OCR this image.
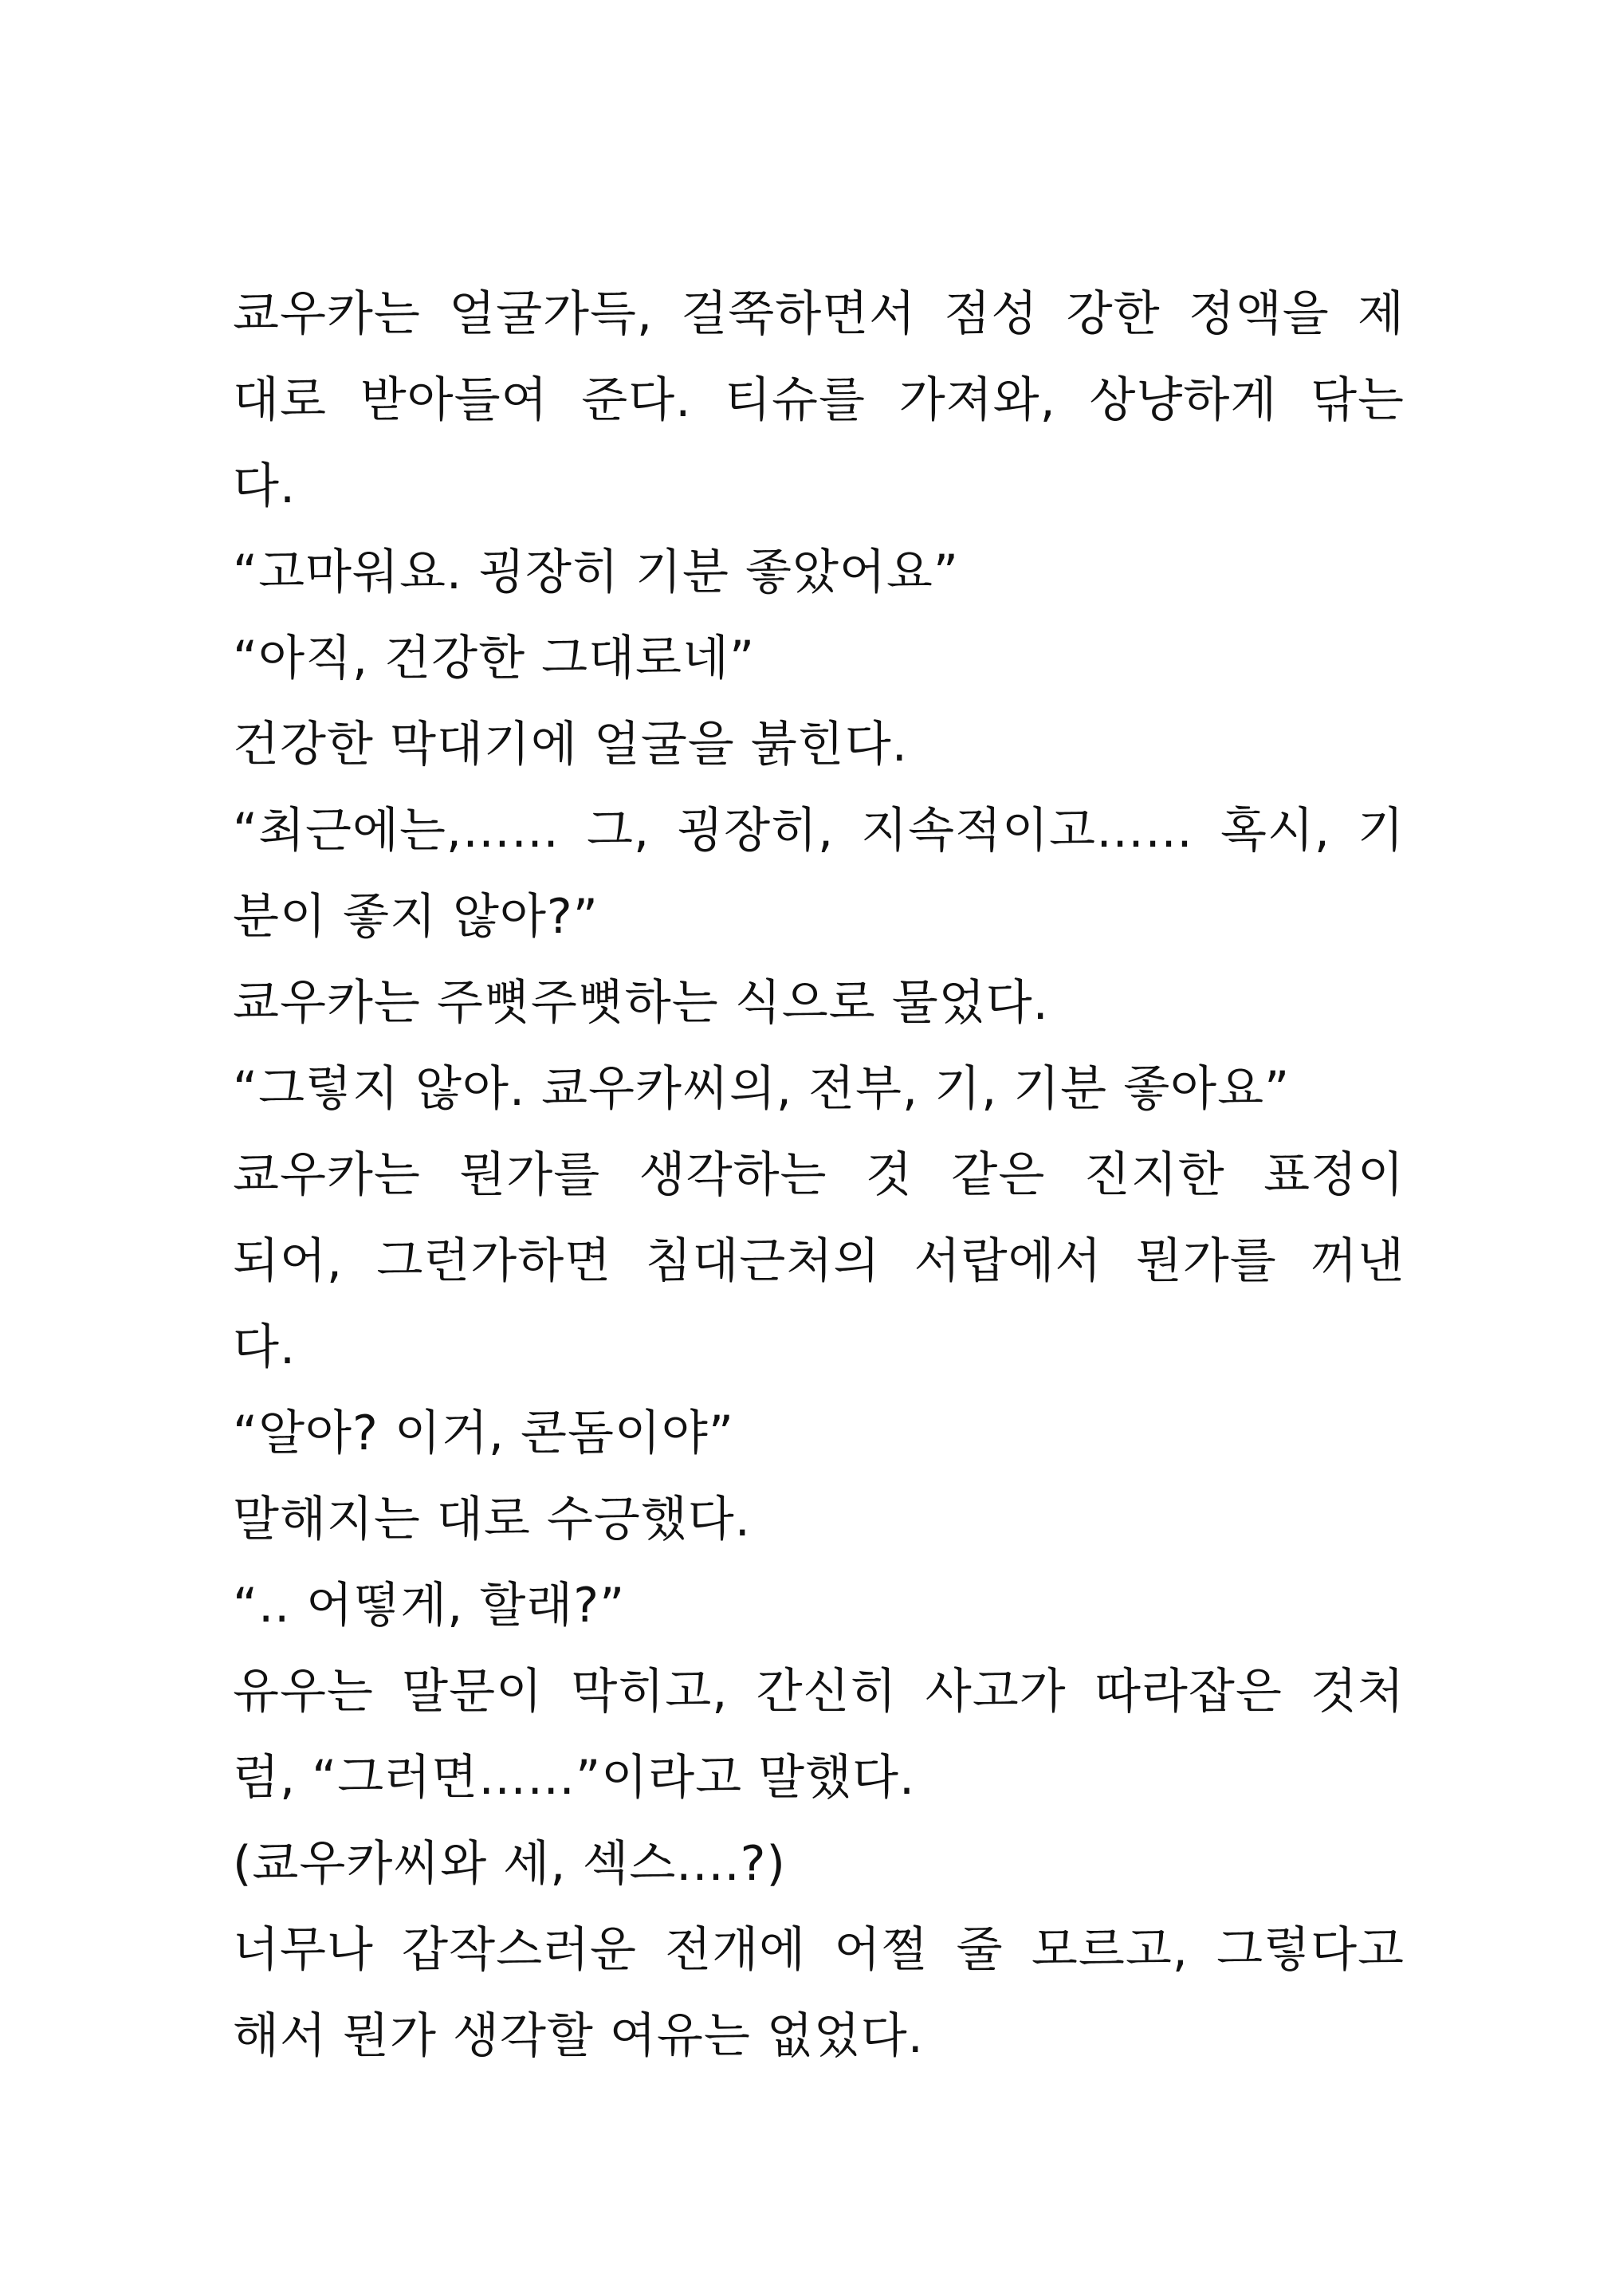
쿄우카는 얼굴가득, 걸쭉하면서 점성 강한 정액을 제
대로 받아들여 준다. 티슈를 가져와, 상냥하게 닦는
다.
“고마워요. 굉장히 기분 좋았어요”
“아직, 건강한 그대로네”
건강한 막대기에 얼굴을 붉힌다.
“최근에는,…… 그, 굉장히, 지속적이고…… 혹시, 기
분이 좋지 않아?”
쿄우카는 주뼛주뼛하는 식으로 물었다.
“그렇지 않아. 쿄우카씨의, 전부, 기, 기분 좋아요”
쿄우카는 뭔가를 생각하는 것 같은 진지한 표정이
되어, 그런가하면 침대근처의 서랍에서 뭔가를 꺼낸
다.
“알아? 이거, 콘돔이야”
말해지는 대로 수긍했다.
“.. 어떻게, 할래?”
유우는 말문이 막히고, 간신히 사고가 따라잡은 것처
럼, “그러면……”이라고 말했다.
(쿄우카씨와 세, 섹스....?)
너무나 갑작스러운 전개에 어쩔 줄 모르고, 그렇다고
해서 뭔가 생각할 여유는 없었다.
